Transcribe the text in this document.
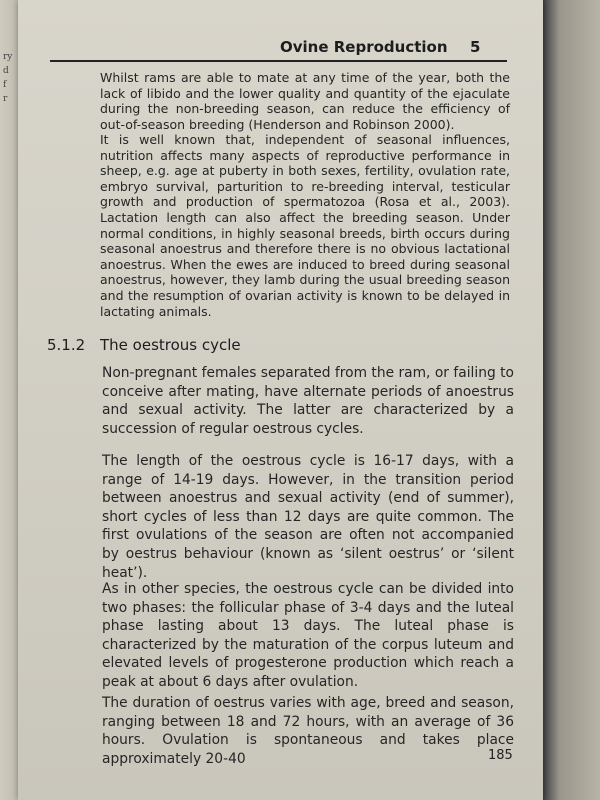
ry
d
f
r
Ovine Reproduction 5

Whilst rams are able to mate at any time of the year, both the lack of libido and the lower quality and quantity of the ejaculate during the non-breeding season, can reduce the efficiency of out-of-season breeding (Henderson and Robinson 2000).

It is well known that, independent of seasonal influences, nutrition affects many aspects of reproductive performance in sheep, e.g. age at puberty in both sexes, fertility, ovulation rate, embryo survival, parturition to re-breeding interval, testicular growth and production of spermatozoa (Rosa et al., 2003). Lactation length can also affect the breeding season. Under normal conditions, in highly seasonal breeds, birth occurs during seasonal anoestrus and therefore there is no obvious lactational anoestrus. When the ewes are induced to breed during seasonal anoestrus, however, they lamb during the usual breeding season and the resumption of ovarian activity is known to be delayed in lactating animals.

5.1.2 The oestrous cycle

Non-pregnant females separated from the ram, or failing to conceive after mating, have alternate periods of anoestrus and sexual activity. The latter are characterized by a succession of regular oestrous cycles.

The length of the oestrous cycle is 16-17 days, with a range of 14-19 days. However, in the transition period between anoestrus and sexual activity (end of summer), short cycles of less than 12 days are quite common. The first ovulations of the season are often not accompanied by oestrus behaviour (known as ‘silent oestrus’ or ‘silent heat’).

As in other species, the oestrous cycle can be divided into two phases: the follicular phase of 3-4 days and the luteal phase lasting about 13 days. The luteal phase is characterized by the maturation of the corpus luteum and elevated levels of progesterone production which reach a peak at about 6 days after ovulation.

The duration of oestrus varies with age, breed and season, ranging between 18 and 72 hours, with an average of 36 hours. Ovulation is spontaneous and takes place approximately 20-40	185
